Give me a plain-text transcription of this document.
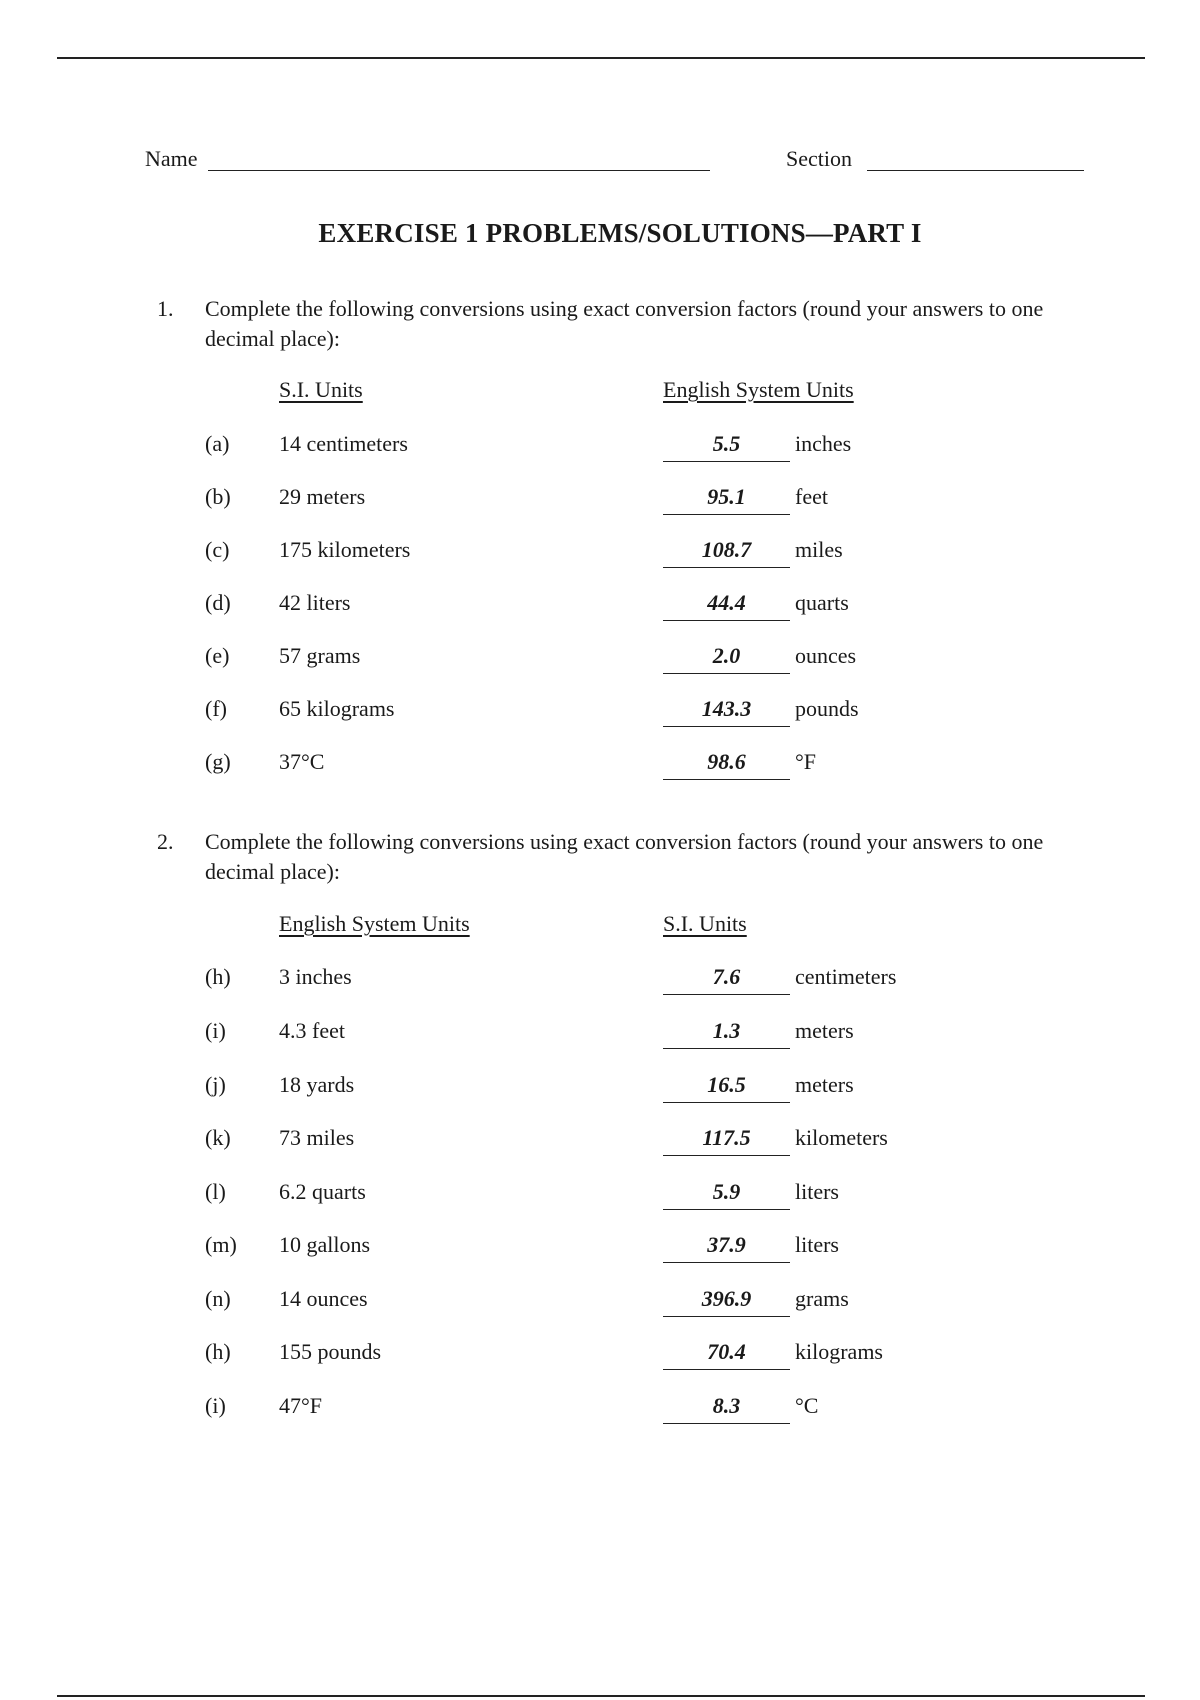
Name	Section
EXERCISE 1 PROBLEMS/SOLUTIONS—PART I
1. Complete the following conversions using exact conversion factors (round your answers to one decimal place):
S.I. Units	English System Units
(a) 14 centimeters	5.5	inches
(b) 29 meters	95.1	feet
(c) 175 kilometers	108.7	miles
(d) 42 liters	44.4	quarts
(e) 57 grams	2.0	ounces
(f) 65 kilograms	143.3	pounds
(g) 37°C	98.6	°F
2. Complete the following conversions using exact conversion factors (round your answers to one decimal place):
English System Units	S.I. Units
(h) 3 inches	7.6	centimeters
(i) 4.3 feet	1.3	meters
(j) 18 yards	16.5	meters
(k) 73 miles	117.5	kilometers
(l) 6.2 quarts	5.9	liters
(m) 10 gallons	37.9	liters
(n) 14 ounces	396.9	grams
(h) 155 pounds	70.4	kilograms
(i) 47°F	8.3	°C
